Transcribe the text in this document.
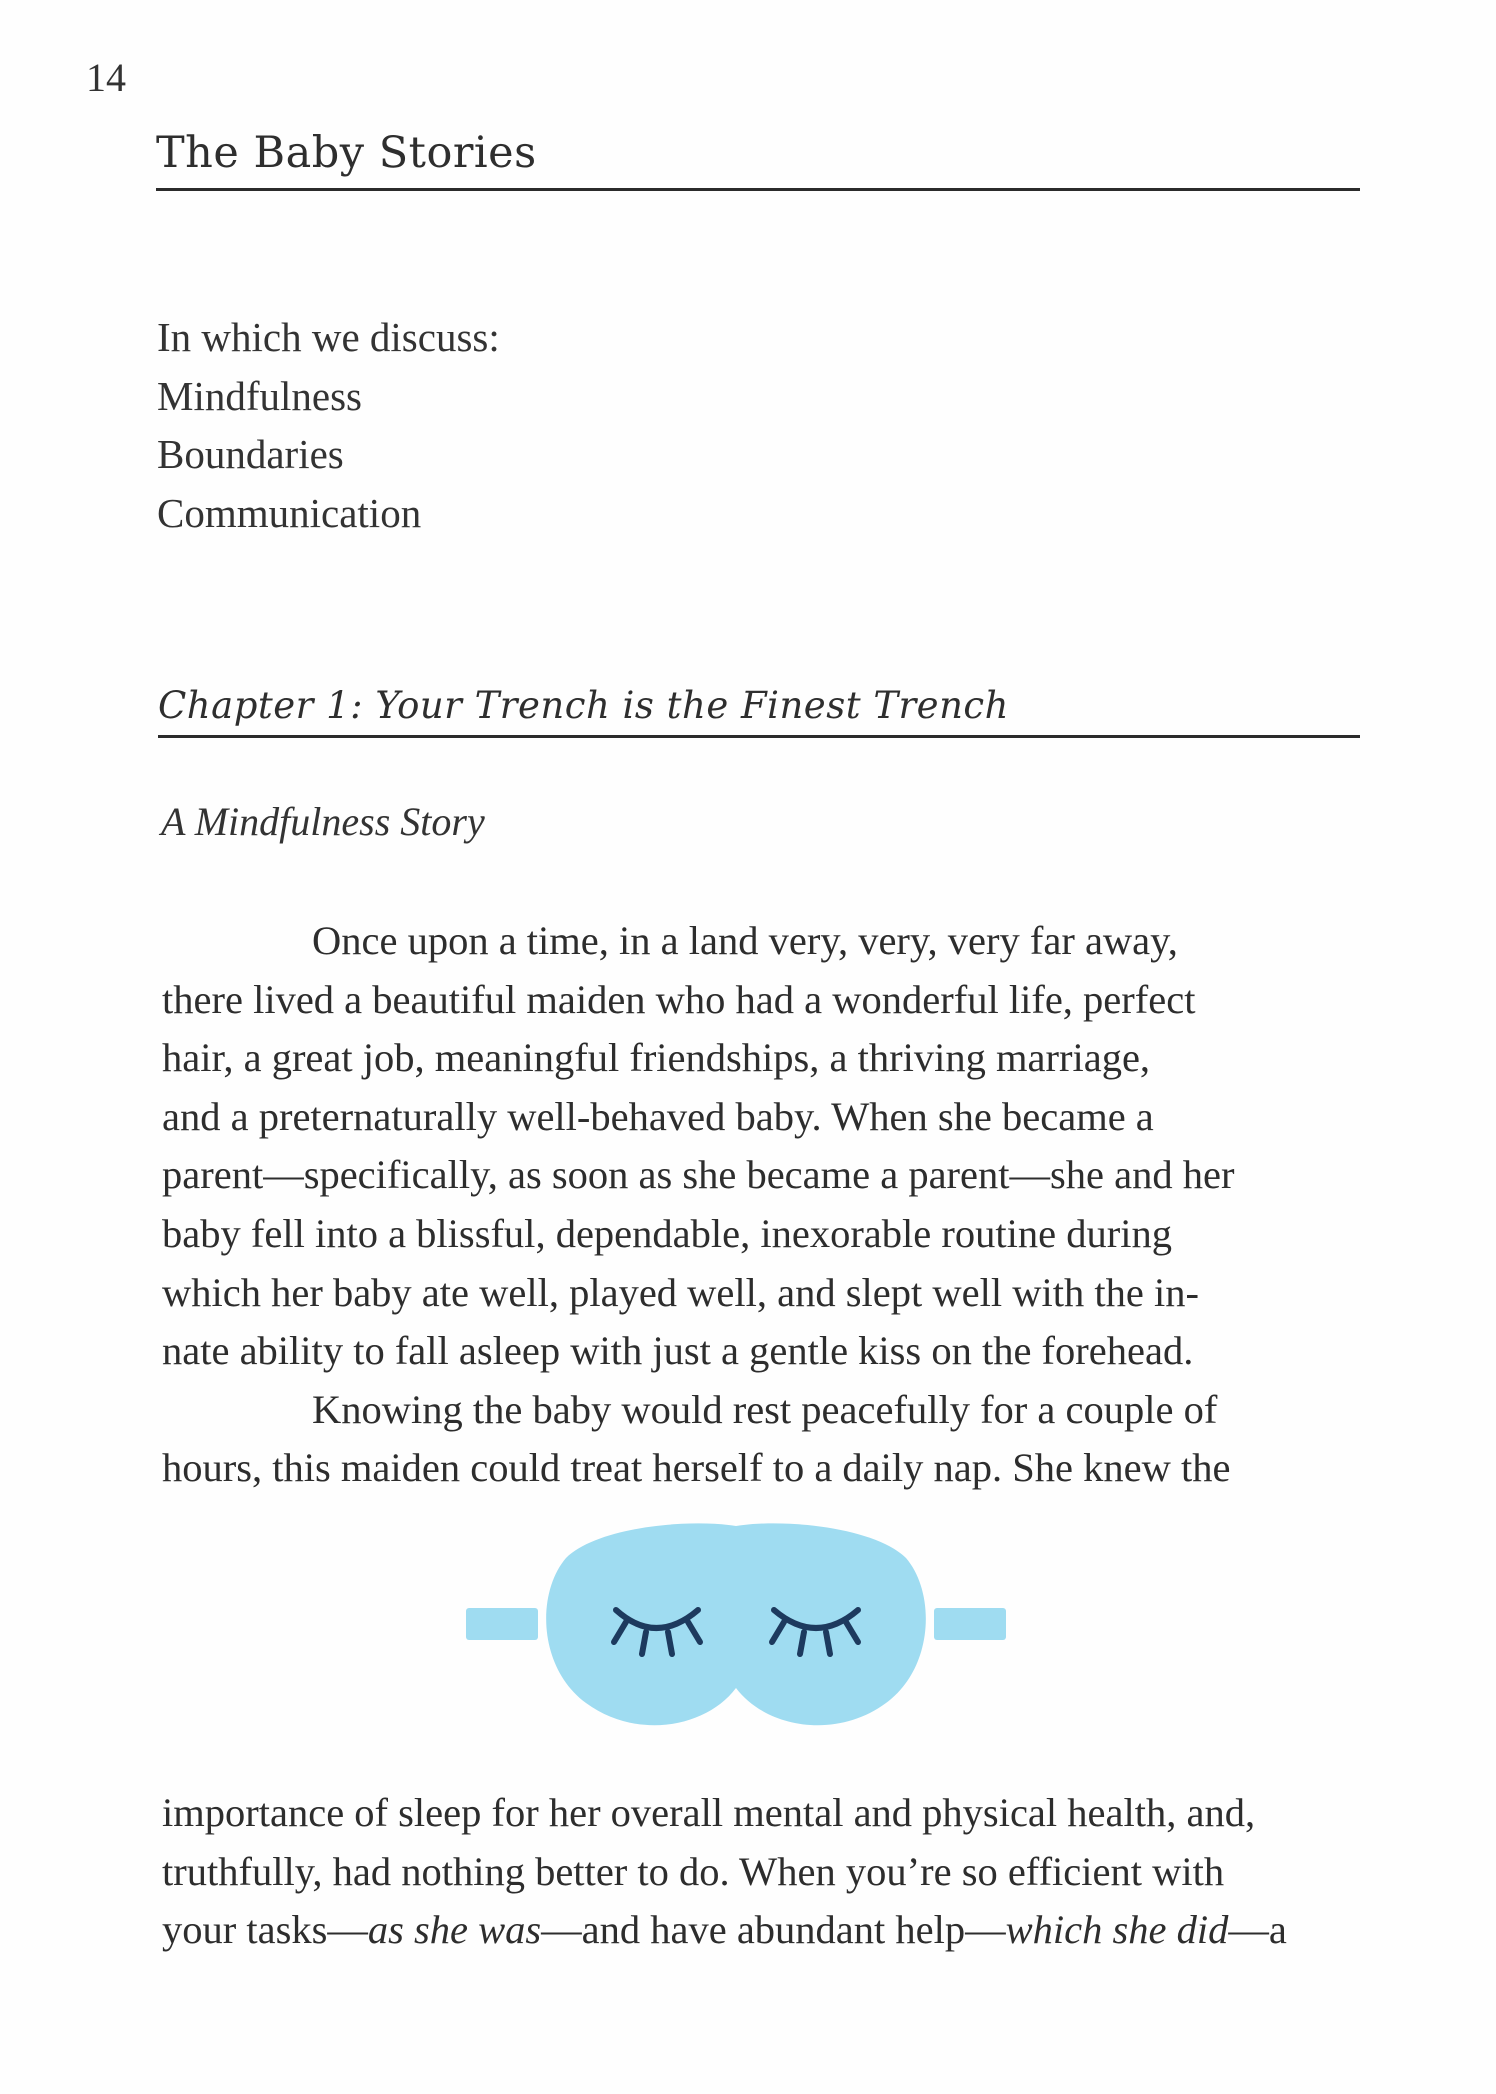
14

The Baby Stories
In which we discuss:
Mindfulness
Boundaries
Communication
Chapter 1: Your Trench is the Finest Trench

A Mindfulness Story

Once upon a time, in a land very, very, very far away,
there lived a beautiful maiden who had a wonderful life, perfect
hair, a great job, meaningful friendships, a thriving marriage,
and a preternaturally well-behaved baby. When she became a
parent—specifically, as soon as she became a parent—she and her
baby fell into a blissful, dependable, inexorable routine during
which her baby ate well, played well, and slept well with the in-
nate ability to fall asleep with just a gentle kiss on the forehead.
Knowing the baby would rest peacefully for a couple of
hours, this maiden could treat herself to a daily nap. She knew the
importance of sleep for her overall mental and physical health, and,
truthfully, had nothing better to do. When you’re so efficient with
your tasks—as she was—and have abundant help—which she did—a
